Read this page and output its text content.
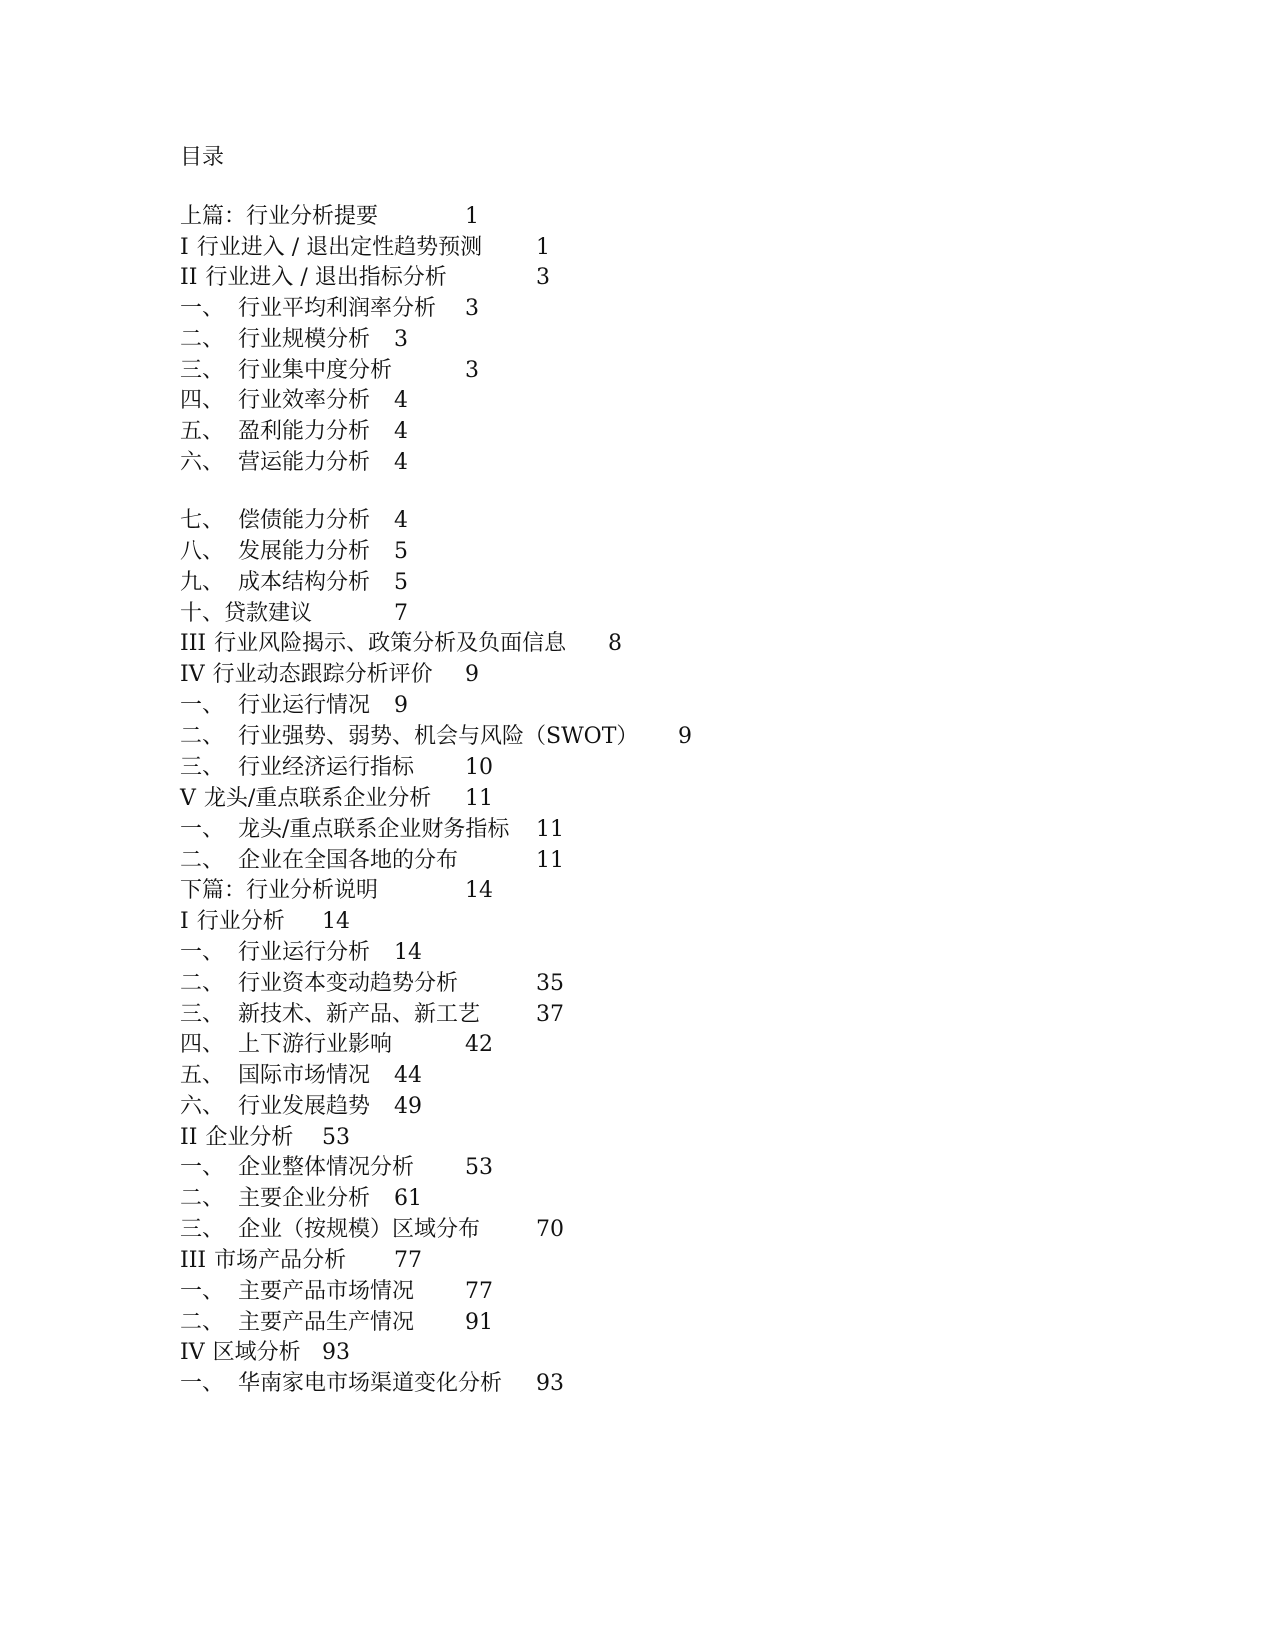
目录
上篇：行业分析提要	1
I 行业进入 / 退出定性趋势预测 1
II 行业进入 / 退出指标分析	3
一、 行业平均利润率分析 3
二、 行业规模分析 3
三、 行业集中度分析	3
四、 行业效率分析 4
五、 盈利能力分析 4
六、 营运能力分析 4
七、 偿债能力分析 4
八、 发展能力分析 5
九、 成本结构分析 5
十、贷款建议	7
III 行业风险揭示、政策分析及负面信息 8
IV 行业动态跟踪分析评价 9
一、 行业运行情况 9
二、 行业强势、弱势、机会与风险（SWOT） 9
三、 行业经济运行指标 10
V 龙头/重点联系企业分析 11
一、 龙头/重点联系企业财务指标 11
二、 企业在全国各地的分布	11
下篇：行业分析说明	14
I 行业分析 14
一、 行业运行分析 14
二、 行业资本变动趋势分析	35
三、 新技术、新产品、新工艺	37
四、 上下游行业影响	42
五、 国际市场情况 44
六、 行业发展趋势 49
II 企业分析 53
一、 企业整体情况分析 53
二、 主要企业分析 61
三、 企业（按规模）区域分布	70
III 市场产品分析 77
一、 主要产品市场情况 77
二、 主要产品生产情况 91
IV 区域分析 93
一、 华南家电市场渠道变化分析 93
